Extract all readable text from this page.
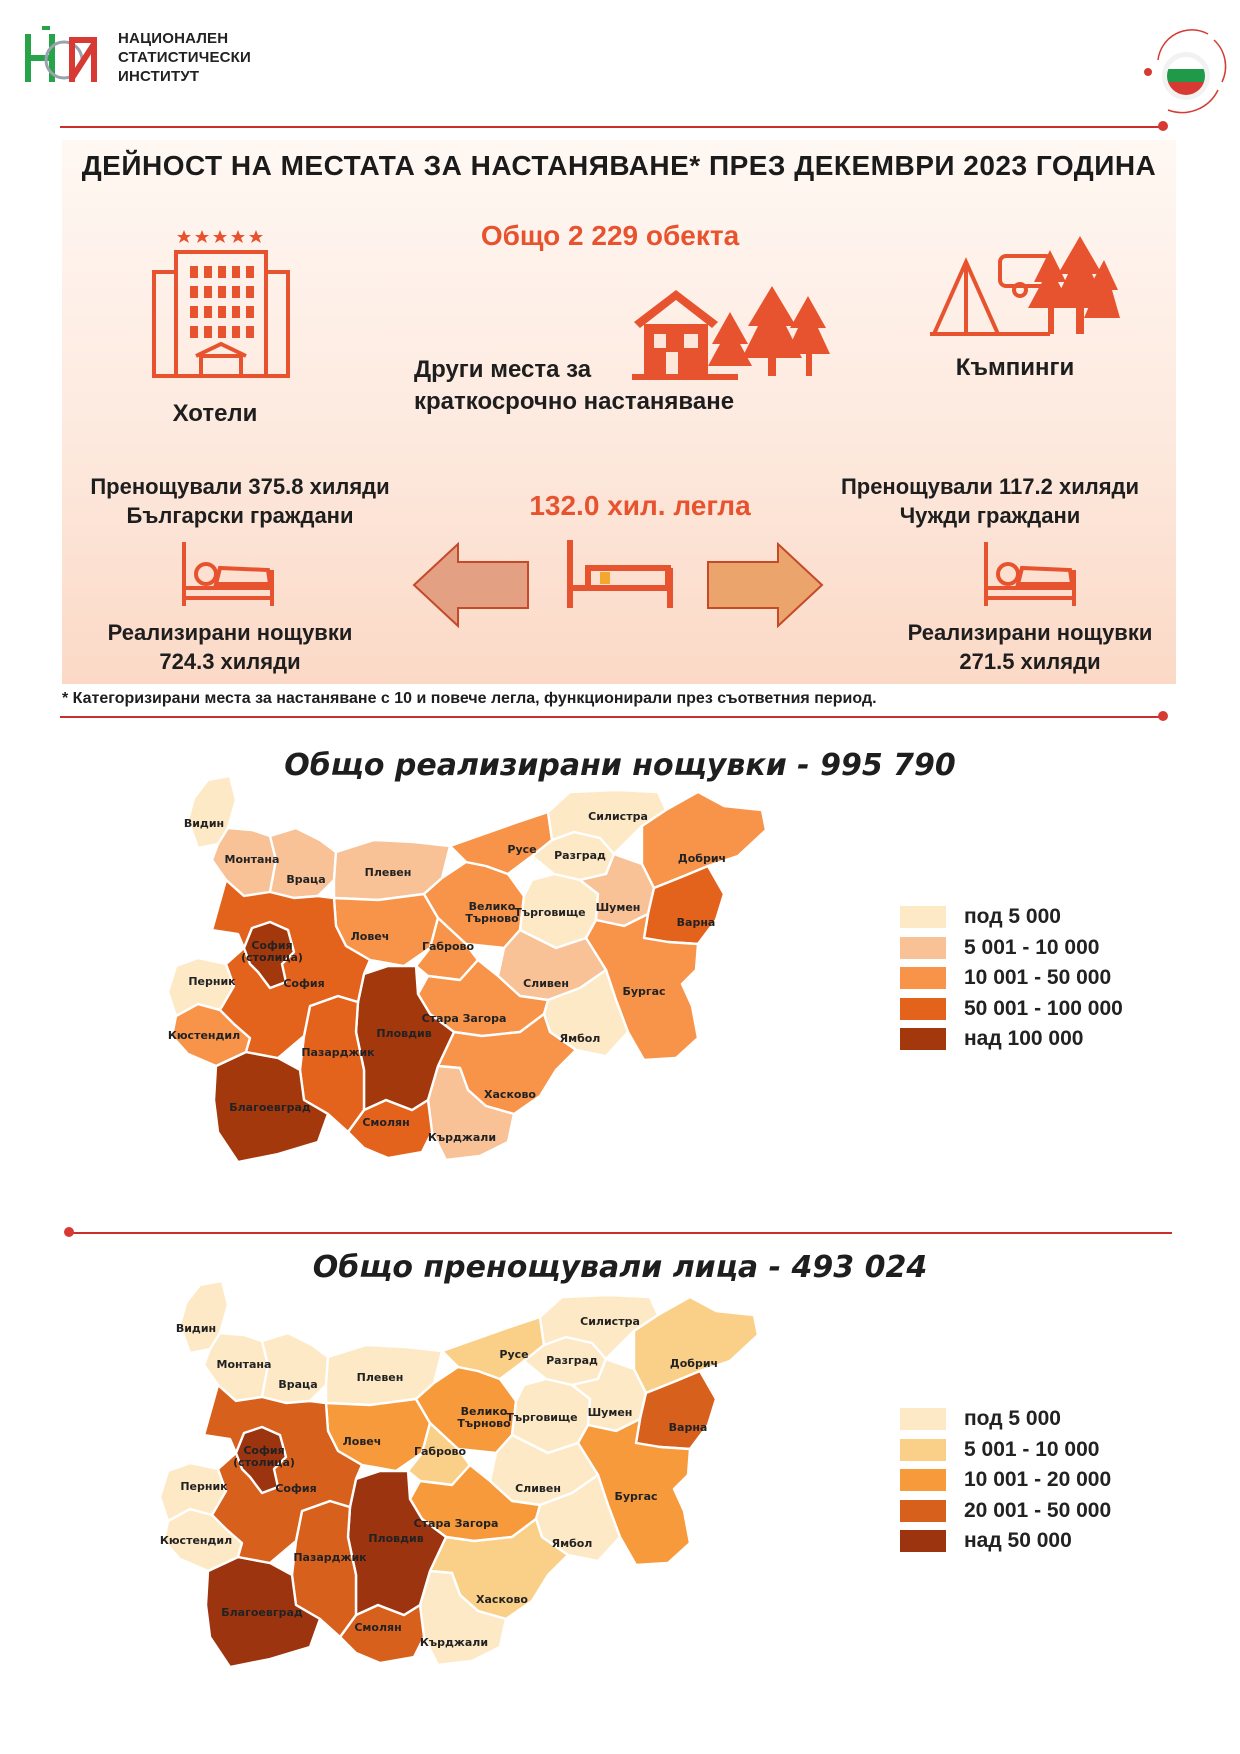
НАЦИОНАЛЕН
СТАТИСТИЧЕСКИ
ИНСТИТУТ
ДЕЙНОСТ НА МЕСТАТА ЗА НАСТАНЯВАНЕ* ПРЕЗ ДЕКЕМВРИ 2023 ГОДИНА
Общо 2 229 обекта
Хотели
Други места за
краткосрочно настаняване
Къмпинги
Пренощували 375.8 хиляди
Български граждани
Пренощували 117.2 хиляди
Чужди граждани
132.0 хил. легла
Реализирани нощувки
724.3 хиляди
Реализирани нощувки
271.5 хиляди
* Категоризирани места за настаняване с 10 и повече легла, функционирали през съответния период.
Общо реализирани нощувки - 995 790
Видин
Монтана
Враца
Плевен
Ловеч
Велико Търново
Габрово
Русе Разград
Силистра
Търговище Шумен
Добрич
Варна
Бургас
Сливен
Ямбол
Стара Загора
Хасково
Кърджали
Смолян
Пловдив
Пазарджик
Благоевград
Кюстендил
Перник	София
София (столица)
под 5 000
5 001 - 10 000
10 001 - 50 000
50 001 - 100 000
над 100 000
Общо пренощували лица - 493 024
Видин
Монтана
Враца
Плевен
Ловеч
Велико Търново
Габрово
Русе Разград
Силистра
Търговище Шумен
Добрич
Варна
Бургас
Сливен
Ямбол
Стара Загора
Хасково
Кърджали
Смолян
Пловдив
Пазарджик
Благоевград
Кюстендил
Перник	София
София (столица)
под 5 000
5 001 - 10 000
10 001 - 20 000
20 001 - 50 000
над 50 000
